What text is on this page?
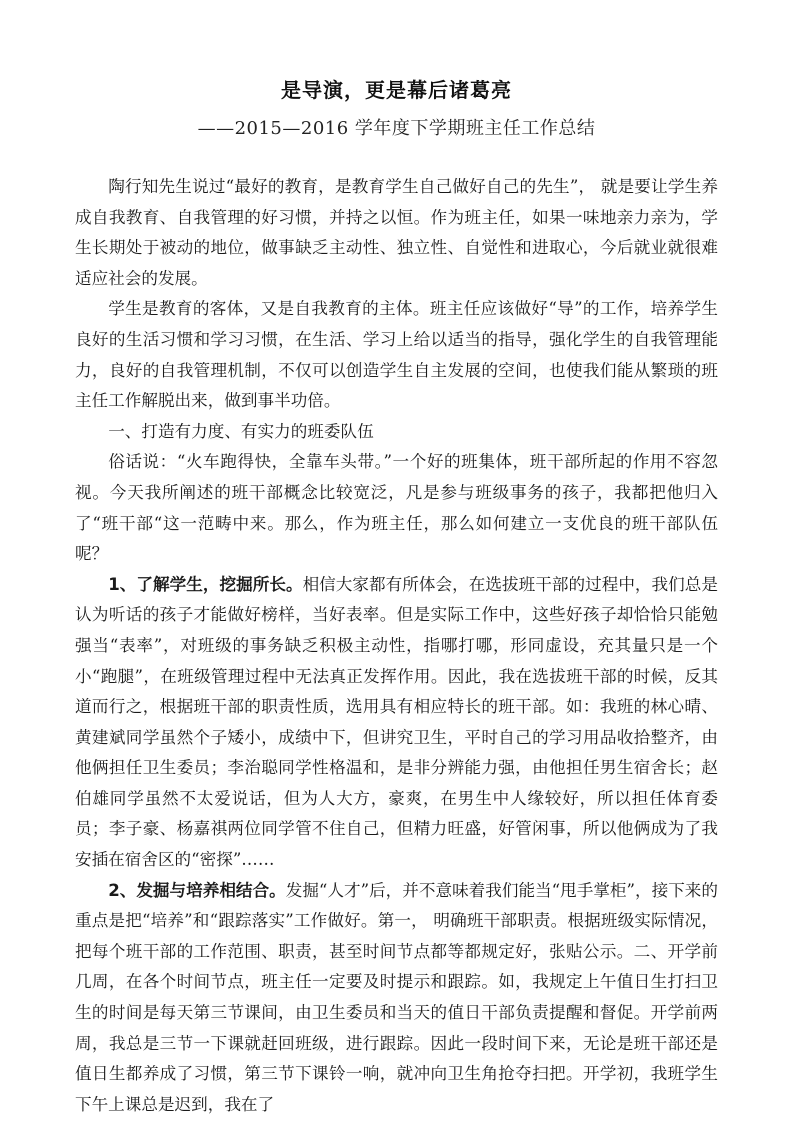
是导演，更是幕后诸葛亮
——2015—2016 学年度下学期班主任工作总结

陶行知先生说过“最好的教育，是教育学生自己做好自己的先生”， 就是要让学生养成自我教育、自我管理的好习惯，并持之以恒。作为班主任，如果一味地亲力亲为，学生长期处于被动的地位，做事缺乏主动性、独立性、自觉性和进取心，今后就业就很难适应社会的发展。

学生是教育的客体，又是自我教育的主体。班主任应该做好“导”的工作，培养学生良好的生活习惯和学习习惯，在生活、学习上给以适当的指导，强化学生的自我管理能力，良好的自我管理机制，不仅可以创造学生自主发展的空间，也使我们能从繁琐的班主任工作解脱出来，做到事半功倍。

一、打造有力度、有实力的班委队伍

俗话说：“火车跑得快，全靠车头带。”一个好的班集体，班干部所起的作用不容忽视。今天我所阐述的班干部概念比较宽泛，凡是参与班级事务的孩子，我都把他归入了“班干部“这一范畴中来。那么，作为班主任，那么如何建立一支优良的班干部队伍呢？

1、了解学生，挖掘所长。相信大家都有所体会，在选拔班干部的过程中，我们总是认为听话的孩子才能做好榜样，当好表率。但是实际工作中，这些好孩子却恰恰只能勉强当“表率”，对班级的事务缺乏积极主动性，指哪打哪，形同虚设，充其量只是一个小“跑腿”，在班级管理过程中无法真正发挥作用。因此，我在选拔班干部的时候，反其道而行之，根据班干部的职责性质，选用具有相应特长的班干部。如：我班的林心晴、黄建斌同学虽然个子矮小，成绩中下，但讲究卫生，平时自己的学习用品收拾整齐，由他俩担任卫生委员；李治聪同学性格温和，是非分辨能力强，由他担任男生宿舍长；赵伯雄同学虽然不太爱说话，但为人大方，豪爽，在男生中人缘较好，所以担任体育委员；李子豪、杨嘉祺两位同学管不住自己，但精力旺盛，好管闲事，所以他俩成为了我安插在宿舍区的“密探”……

2、发掘与培养相结合。发掘“人才”后，并不意味着我们能当“甩手掌柜”，接下来的重点是把“培养”和“跟踪落实”工作做好。第一， 明确班干部职责。根据班级实际情况，把每个班干部的工作范围、职责，甚至时间节点都等都规定好，张贴公示。二、开学前几周，在各个时间节点，班主任一定要及时提示和跟踪。如，我规定上午值日生打扫卫生的时间是每天第三节课间，由卫生委员和当天的值日干部负责提醒和督促。开学前两周，我总是三节一下课就赶回班级，进行跟踪。因此一段时间下来，无论是班干部还是值日生都养成了习惯，第三节下课铃一响，就冲向卫生角抢夺扫把。开学初，我班学生下午上课总是迟到，我在了
